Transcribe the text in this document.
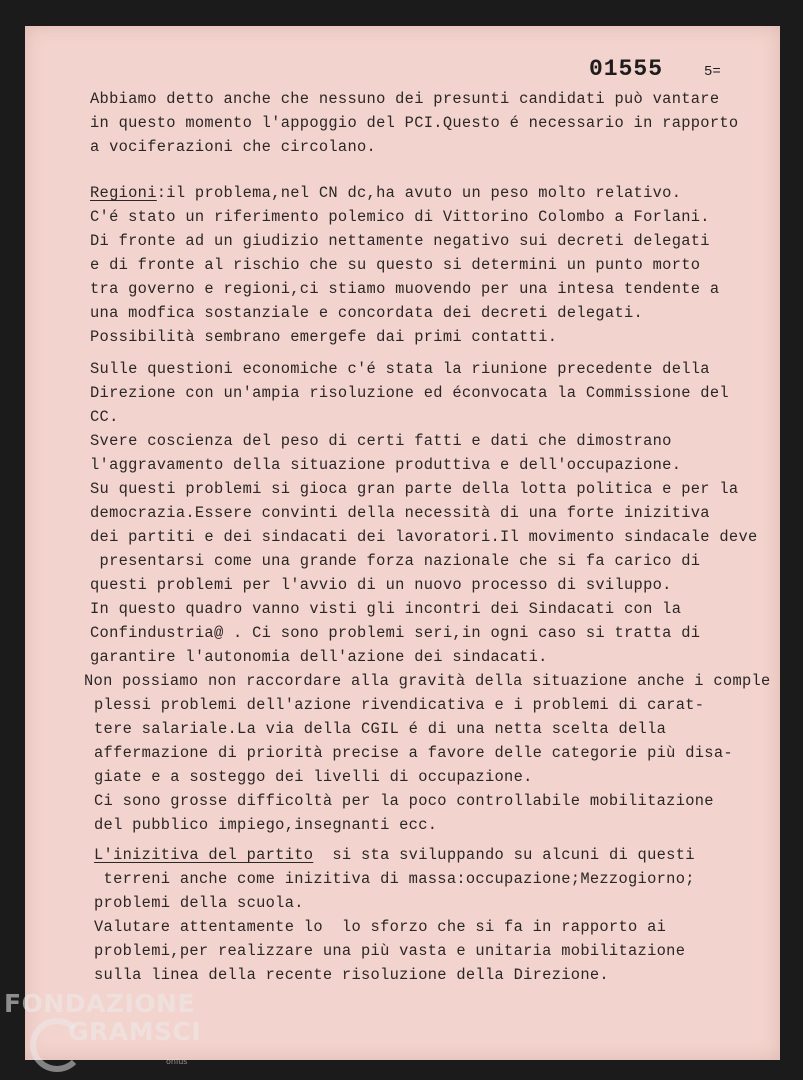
01555	5=
Abbiamo detto anche che nessuno dei presunti candidati può vantare
in questo momento l'appoggio del PCI.Questo é necessario in rapporto
a vociferazioni che circolano.
Regioni:il problema,nel CN dc,ha avuto un peso molto relativo.
C'é stato un riferimento polemico di Vittorino Colombo a Forlani.
Di fronte ad un giudizio nettamente negativo sui decreti delegati
e di fronte al rischio che su questo si determini un punto morto
tra governo e regioni,ci stiamo muovendo per una intesa tendente a
una modfica sostanziale e concordata dei decreti delegati.
Possibilità sembrano emergefe dai primi contatti.
Sulle questioni economiche c'é stata la riunione precedente della
Direzione con un'ampia risoluzione ed éconvocata la Commissione del
CC.
Svere coscienza del peso di certi fatti e dati che dimostrano
l'aggravamento della situazione produttiva e dell'occupazione.
Su questi problemi si gioca gran parte della lotta politica e per la
democrazia.Essere convinti della necessità di una forte inizitiva
dei partiti e dei sindacati dei lavoratori.Il movimento sindacale deve
presentarsi come una grande forza nazionale che si fa carico di
questi problemi per l'avvio di un nuovo processo di sviluppo.
In questo quadro vanno visti gli incontri dei Sindacati con la
Confindustria@ . Ci sono problemi seri,in ogni caso si tratta di
garantire l'autonomia dell'azione dei sindacati.
Non possiamo non raccordare alla gravità della situazione anche i comple
plessi problemi dell'azione rivendicativa e i problemi di carat-
tere salariale.La via della CGIL é di una netta scelta della
affermazione di priorità precise a favore delle categorie più disa-
giate e a sosteggo dei livelli di occupazione.
Ci sono grosse difficoltà per la poco controllabile mobilitazione
del pubblico impiego,insegnanti ecc.
L'inizitiva del partito  si sta sviluppando su alcuni di questi
terreni anche come inizitiva di massa:occupazione;Mezzogiorno;
problemi della scuola.
Valutare attentamente lo  lo sforzo che si fa in rapporto ai
problemi,per realizzare una più vasta e unitaria mobilitazione
sulla linea della recente risoluzione della Direzione.
FONDAZIONE
GRAMSCI
onlus
